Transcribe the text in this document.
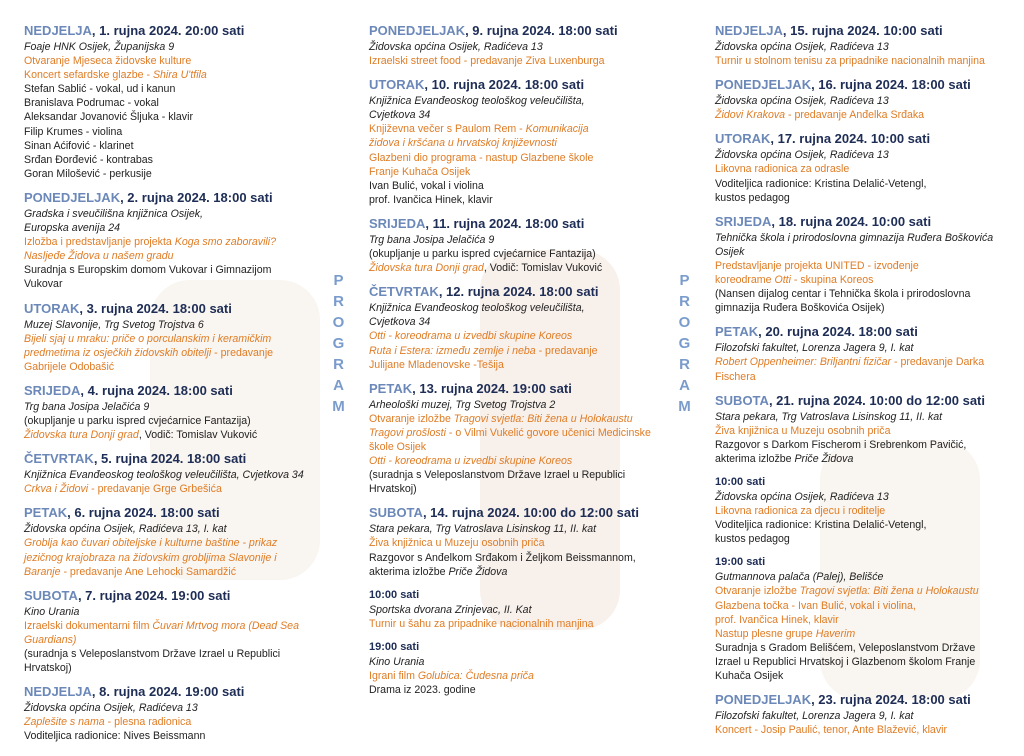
P
R
O
G
R
A
M
P
R
O
G
R
A
M
NEDJELJA, 1. rujna 2024. 20:00 sati
Foaje HNK Osijek, Županijska 9
Otvaranje Mjeseca židovske kulture
Koncert sefardske glazbe - Shira U'tfila
Stefan Sablić - vokal, ud i kanun
Branislava Podrumac - vokal
Aleksandar Jovanović Šljuka - klavir
Filip Krumes - violina
Sinan Aćifović - klarinet
Srđan Đorđević - kontrabas
Goran Milošević - perkusije
PONEDJELJAK, 2. rujna 2024. 18:00 sati
Gradska i sveučilišna knjižnica Osijek,
Europska avenija 24
Izložba i predstavljanje projekta Koga smo zaboravili?
Nasljeđe Židova u našem gradu
Suradnja s Europskim domom Vukovar i Gimnazijom
Vukovar
UTORAK, 3. rujna 2024. 18:00 sati
Muzej Slavonije, Trg Svetog Trojstva 6
Bijeli sjaj u mraku: priče o porculanskim i keramičkim
predmetima iz osječkih židovskih obitelji - predavanje
Gabrijele Odobašić
SRIJEDA, 4. rujna 2024. 18:00 sati
Trg bana Josipa Jelačića 9
(okupljanje u parku ispred cvjećarnice Fantazija)
Židovska tura Donji grad, Vodič: Tomislav Vuković
ČETVRTAK, 5. rujna 2024. 18:00 sati
Knjižnica Evanđeoskog teološkog veleučilišta, Cvjetkova 34
Crkva i Židovi - predavanje Grge Grbešića
PETAK, 6. rujna 2024. 18:00 sati
Židovska općina Osijek, Radićeva 13, I. kat
Groblja kao čuvari obiteljske i kulturne baštine - prikaz
jezičnog krajobraza na židovskim grobljima Slavonije i
Baranje - predavanje Ane Lehocki Samardžić
SUBOTA, 7. rujna 2024. 19:00 sati
Kino Urania
Izraelski dokumentarni film Čuvari Mrtvog mora (Dead Sea
Guardians)
(suradnja s Veleposlanstvom Države Izrael u Republici
Hrvatskoj)
NEDJELJA, 8. rujna 2024. 19:00 sati
Židovska općina Osijek, Radićeva 13
Zaplešite s nama - plesna radionica
Voditeljica radionice: Nives Beissmann
PONEDJELJAK, 9. rujna 2024. 18:00 sati
Židovska općina Osijek, Radićeva 13
Izraelski street food - predavanje Ziva Luxenburga
UTORAK, 10. rujna 2024. 18:00 sati
Knjižnica Evanđeoskog teološkog veleučilišta,
Cvjetkova 34
Književna večer s Paulom Rem - Komunikacija
židova i kršćana u hrvatskoj književnosti
Glazbeni dio programa - nastup Glazbene škole
Franje Kuhača Osijek
Ivan Bulić, vokal i violina
prof. Ivančica Hinek, klavir
SRIJEDA, 11. rujna 2024. 18:00 sati
Trg bana Josipa Jelačića 9
(okupljanje u parku ispred cvjećarnice Fantazija)
Židovska tura Donji grad, Vodič: Tomislav Vuković
ČETVRTAK, 12. rujna 2024. 18:00 sati
Knjižnica Evanđeoskog teološkog veleučilišta,
Cvjetkova 34
Otti - koreodrama u izvedbi skupine Koreos
Ruta i Estera: između zemlje i neba - predavanje
Julijane Mladenovske -Tešija
PETAK, 13. rujna 2024. 19:00 sati
Arheološki muzej, Trg Svetog Trojstva 2
Otvaranje izložbe Tragovi svjetla: Biti žena u Holokaustu
Tragovi prošlosti - o Vilmi Vukelić govore učenici Medicinske
škole Osijek
Otti - koreodrama u izvedbi skupine Koreos
(suradnja s Veleposlanstvom Države Izrael u Republici
Hrvatskoj)
SUBOTA, 14. rujna 2024. 10:00 do 12:00 sati
Stara pekara, Trg Vatroslava Lisinskog 11, II. kat
Živa knjižnica u Muzeju osobnih priča
Razgovor s Anđelkom Srđakom i Željkom Beissmannom,
akterima izložbe Priče Židova
10:00 sati
Sportska dvorana Zrinjevac, II. Kat
Turnir u šahu za pripadnike nacionalnih manjina
19:00 sati
Kino Urania
Igrani film Golubica: Čudesna priča
Drama iz 2023. godine
NEDJELJA, 15. rujna 2024. 10:00 sati
Židovska općina Osijek, Radićeva 13
Turnir u stolnom tenisu za pripadnike nacionalnih manjina
PONEDJELJAK, 16. rujna 2024. 18:00 sati
Židovska općina Osijek, Radićeva 13
Židovi Krakova - predavanje Anđelka Srđaka
UTORAK, 17. rujna 2024. 10:00 sati
Židovska općina Osijek, Radićeva 13
Likovna radionica za odrasle
Voditeljica radionice: Kristina Delalić-Vetengl,
kustos pedagog
SRIJEDA, 18. rujna 2024. 10:00 sati
Tehnička škola i prirodoslovna gimnazija Ruđera Boškovića
Osijek
Predstavljanje projekta UNITED - izvođenje
koreodrame Otti - skupina Koreos
(Nansen dijalog centar i Tehnička škola i prirodoslovna
gimnazija Ruđera Boškovića Osijek)
PETAK, 20. rujna 2024. 18:00 sati
Filozofski fakultet, Lorenza Jagera 9, I. kat
Robert Oppenheimer: Briljantni fizičar - predavanje Darka
Fischera
SUBOTA, 21. rujna 2024. 10:00 do 12:00 sati
Stara pekara, Trg Vatroslava Lisinskog 11, II. kat
Živa knjižnica u Muzeju osobnih priča
Razgovor s Darkom Fischerom i Srebrenkom Pavičić,
akterima izložbe Priče Židova
10:00 sati
Židovska općina Osijek, Radićeva 13
Likovna radionica za djecu i roditelje
Voditeljica radionice: Kristina Delalić-Vetengl,
kustos pedagog
19:00 sati
Gutmannova palača (Palej), Belišće
Otvaranje izložbe Tragovi svjetla: Biti žena u Holokaustu
Glazbena točka - Ivan Bulić, vokal i violina,
prof. Ivančica Hinek, klavir
Nastup plesne grupe Haverim
Suradnja s Gradom Belišćem, Veleposlanstvom Države
Izrael u Republici Hrvatskoj i Glazbenom školom Franje
Kuhača Osijek
PONEDJELJAK, 23. rujna 2024. 18:00 sati
Filozofski fakultet, Lorenza Jagera 9, I. kat
Koncert - Josip Paulić, tenor, Ante Blažević, klavir
